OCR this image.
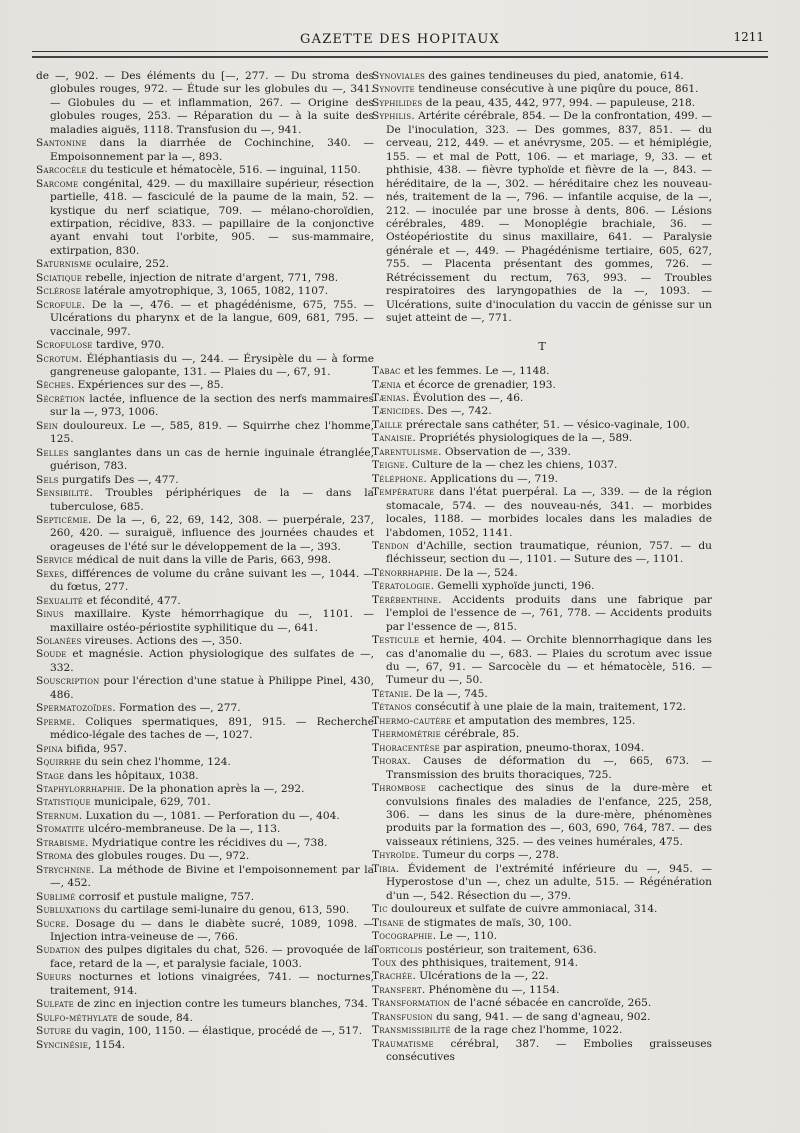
GAZETTE DES HOPITAUX	1211

de —, 902. — Des éléments du [—, 277. — Du stroma des globules rouges, 972. — Étude sur les globules du —, 341. — Globules du — et inflammation, 267. — Origine des globules rouges, 253. — Réparation du — à la suite des maladies aiguës, 1118. Transfusion du —, 941.

Santonine dans la diarrhée de Cochinchine, 340. — Empoisonnement par la —, 893.

Sarcocèle du testicule et hématocèle, 516. — inguinal, 1150.

Sarcome congénital, 429. — du maxillaire supérieur, résection partielle, 418. — fasciculé de la paume de la main, 52. — kystique du nerf sciatique, 709. — mélano-choroïdien, extirpation, récidive, 833. — papillaire de la conjonctive ayant envahi tout l'orbite, 905. — sus-mammaire, extirpation, 830.

Saturnisme oculaire, 252.

Sciatique rebelle, injection de nitrate d'argent, 771, 798.

Sclérose latérale amyotrophique, 3, 1065, 1082, 1107.

Scrofule. De la —, 476. — et phagédénisme, 675, 755. — Ulcérations du pharynx et de la langue, 609, 681, 795. — vaccinale, 997.

Scrofulose tardive, 970.

Scrotum. Éléphantiasis du —, 244. — Érysipèle du — à forme gangreneuse galopante, 131. — Plaies du —, 67, 91.

Sèches. Expériences sur des —, 85.

Sécrétion lactée, influence de la section des nerfs mammaires sur la —, 973, 1006.

Sein douloureux. Le —, 585, 819. — Squirrhe chez l'homme, 125.

Selles sanglantes dans un cas de hernie inguinale étranglée, guérison, 783.

Sels purgatifs Des —, 477.

Sensibilité. Troubles périphériques de la — dans la tuberculose, 685.

Septicémie. De la —, 6, 22, 69, 142, 308. — puerpérale, 237, 260, 420. — suraiguë, influence des journées chaudes et orageuses de l'été sur le développement de la —, 393.

Service médical de nuit dans la ville de Paris, 663, 998.

Sexes, différences de volume du crâne suivant les —, 1044. — du fœtus, 277.

Sexualité et fécondité, 477.

Sinus maxillaire. Kyste hémorrhagique du —, 1101. — maxillaire ostéo-périostite syphilitique du —, 641.

Solanées vireuses. Actions des —, 350.

Soude et magnésie. Action physiologique des sulfates de —, 332.

Souscription pour l'érection d'une statue à Philippe Pinel, 430, 486.

Spermatozoïdes. Formation des —, 277.

Sperme. Coliques spermatiques, 891, 915. — Recherche médico-légale des taches de —, 1027.

Spina bifida, 957.

Squirrhe du sein chez l'homme, 124.

Stage dans les hôpitaux, 1038.

Staphylorrhaphie. De la phonation après la —, 292.

Statistique municipale, 629, 701.

Sternum. Luxation du —, 1081. — Perforation du —, 404.

Stomatite ulcéro-membraneuse. De la —, 113.

Strabisme. Mydriatique contre les récidives du —, 738.

Stroma des globules rouges. Du —, 972.

Strychnine. La méthode de Bivine et l'empoisonnement par la —, 452.

Sublimé corrosif et pustule maligne, 757.

Subluxations du cartilage semi-lunaire du genou, 613, 590.

Sucre. Dosage du — dans le diabète sucré, 1089, 1098. — Injection intra-veineuse de —, 766.

Sudation des pulpes digitales du chat, 526. — provoquée de la face, retard de la —, et paralysie faciale, 1003.

Sueurs nocturnes et lotions vinaigrées, 741. — nocturnes, traitement, 914.

Sulfate de zinc en injection contre les tumeurs blanches, 734.

Sulfo-méthylate de soude, 84.

Suture du vagin, 100, 1150. — élastique, procédé de —, 517.

Syncinésie, 1154.

Synoviales des gaines tendineuses du pied, anatomie, 614.

Synovite tendineuse consécutive à une piqûre du pouce, 861.

Syphilides de la peau, 435, 442, 977, 994. — papuleuse, 218.

Syphilis. Artérite cérébrale, 854. — De la confrontation, 499. — De l'inoculation, 323. — Des gommes, 837, 851. — du cerveau, 212, 449. — et anévrysme, 205. — et hémiplégie, 155. — et mal de Pott, 106. — et mariage, 9, 33. — et phthisie, 438. — fièvre typhoïde et fièvre de la —, 843. — héréditaire, de la —, 302. — héréditaire chez les nouveau-nés, traitement de la —, 796. — infantile acquise, de la —, 212. — inoculée par une brosse à dents, 806. — Lésions cérébrales, 489. — Monoplégie brachiale, 36. — Ostéopériostite du sinus maxillaire, 641. — Paralysie générale et —, 449. — Phagédénisme tertiaire, 605, 627, 755. — Placenta présentant des gommes, 726. — Rétrécissement du rectum, 763, 993. — Troubles respiratoires des laryngopathies de la —, 1093. — Ulcérations, suite d'inoculation du vaccin de génisse sur un sujet atteint de —, 771.

T

Tabac et les femmes. Le —, 1148.

Tænia et écorce de grenadier, 193.

Tænias. Évolution des —, 46.

Tænicides. Des —, 742.

Taille prérectale sans cathéter, 51. — vésico-vaginale, 100.

Tanaisie. Propriétés physiologiques de la —, 589.

Tarentulisme. Observation de —, 339.

Teigne. Culture de la — chez les chiens, 1037.

Téléphone. Applications du —, 719.

Température dans l'état puerpéral. La —, 339. — de la région stomacale, 574. — des nouveau-nés, 341. — morbides locales, 1188. — morbides locales dans les maladies de l'abdomen, 1052, 1141.

Tendon d'Achille, section traumatique, réunion, 757. — du fléchisseur, section du —, 1101. — Suture des —, 1101.

Ténorrhaphie. De la —, 524.

Tératologie. Gemelli xyphoïde juncti, 196.

Térébenthine. Accidents produits dans une fabrique par l'emploi de l'essence de —, 761, 778. — Accidents produits par l'essence de —, 815.

Testicule et hernie, 404. — Orchite blennorrhagique dans les cas d'anomalie du —, 683. — Plaies du scrotum avec issue du —, 67, 91. — Sarcocèle du — et hématocèle, 516. — Tumeur du —, 50.

Tétanie. De la —, 745.

Tétanos consécutif à une plaie de la main, traitement, 172.

Thermo-cautère et amputation des membres, 125.

Thermométrie cérébrale, 85.

Thoracentèse par aspiration, pneumo-thorax, 1094.

Thorax. Causes de déformation du —, 665, 673. — Transmission des bruits thoraciques, 725.

Thrombose cachectique des sinus de la dure-mère et convulsions finales des maladies de l'enfance, 225, 258, 306. — dans les sinus de la dure-mère, phénomènes produits par la formation des —, 603, 690, 764, 787. — des vaisseaux rétiniens, 325. — des veines humérales, 475.

Thyroïde. Tumeur du corps —, 278.

Tibia. Évidement de l'extrémité inférieure du —, 945. — Hyperostose d'un —, chez un adulte, 515. — Régénération d'un —, 542. Résection du —, 379.

Tic douloureux et sulfate de cuivre ammoniacal, 314.

Tisane de stigmates de maïs, 30, 100.

Tocographie. Le —, 110.

Torticolis postérieur, son traitement, 636.

Toux des phthisiques, traitement, 914.

Trachée. Ulcérations de la —, 22.

Transfert. Phénomène du —, 1154.

Transformation de l'acné sébacée en cancroïde, 265.

Transfusion du sang, 941. — de sang d'agneau, 902.

Transmissibilité de la rage chez l'homme, 1022.

Traumatisme cérébral, 387. — Embolies graisseuses consécutives
